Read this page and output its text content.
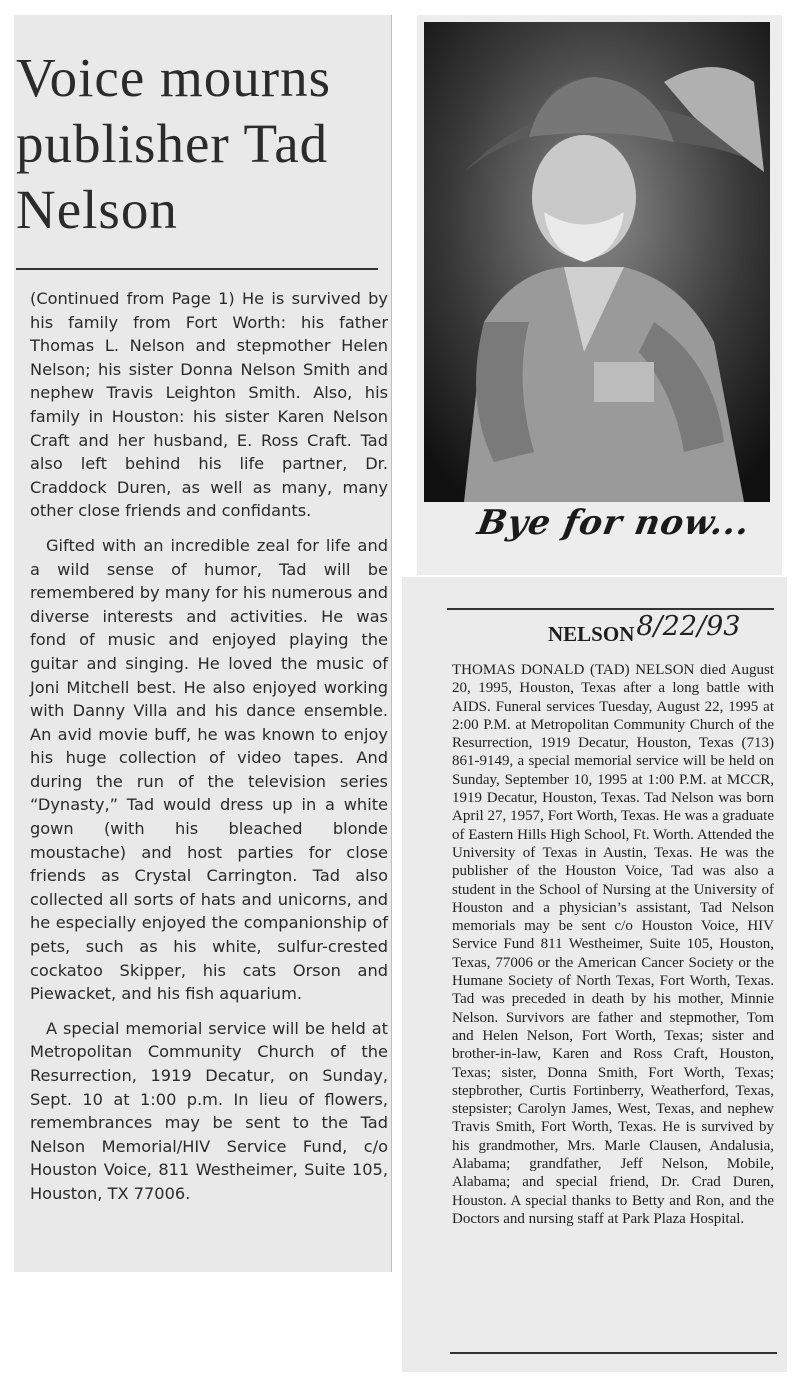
Voice mourns publisher Tad Nelson

(Continued from Page 1) He is survived by his family from Fort Worth: his father Thomas L. Nelson and stepmother Helen Nelson; his sister Donna Nelson Smith and nephew Travis Leighton Smith. Also, his family in Houston: his sister Karen Nelson Craft and her husband, E. Ross Craft. Tad also left behind his life partner, Dr. Craddock Duren, as well as many, many other close friends and confidants.

Gifted with an incredible zeal for life and a wild sense of humor, Tad will be remembered by many for his numerous and diverse interests and activities. He was fond of music and enjoyed playing the guitar and singing. He loved the music of Joni Mitchell best. He also enjoyed working with Danny Villa and his dance ensemble. An avid movie buff, he was known to enjoy his huge collection of video tapes. And during the run of the television series “Dynasty,” Tad would dress up in a white gown (with his bleached blonde moustache) and host parties for close friends as Crystal Carrington. Tad also collected all sorts of hats and unicorns, and he especially enjoyed the companionship of pets, such as his white, sulfur-crested cockatoo Skipper, his cats Orson and Piewacket, and his fish aquarium.

A special memorial service will be held at Metropolitan Community Church of the Resurrection, 1919 Decatur, on Sunday, Sept. 10 at 1:00 p.m. In lieu of flowers, remembrances may be sent to the Tad Nelson Memorial/HIV Service Fund, c/o Houston Voice, 811 Westheimer, Suite 105, Houston, TX 77006.

Bye for now...
NELSON8/22/93

THOMAS DONALD (TAD) NELSON died August 20, 1995, Houston, Texas after a long battle with AIDS. Funeral services Tuesday, August 22, 1995 at 2:00 P.M. at Metropolitan Community Church of the Resurrection, 1919 Decatur, Houston, Texas (713) 861-9149, a special memorial service will be held on Sunday, September 10, 1995 at 1:00 P.M. at MCCR, 1919 Decatur, Houston, Texas. Tad Nelson was born April 27, 1957, Fort Worth, Texas. He was a graduate of Eastern Hills High School, Ft. Worth. Attended the University of Texas in Austin, Texas. He was the publisher of the Houston Voice, Tad was also a student in the School of Nursing at the University of Houston and a physician’s assistant, Tad Nelson memorials may be sent c/o Houston Voice, HIV Service Fund 811 Westheimer, Suite 105, Houston, Texas, 77006 or the American Cancer Society or the Humane Society of North Texas, Fort Worth, Texas. Tad was preceded in death by his mother, Minnie Nelson. Survivors are father and stepmother, Tom and Helen Nelson, Fort Worth, Texas; sister and brother-in-law, Karen and Ross Craft, Houston, Texas; sister, Donna Smith, Fort Worth, Texas; stepbrother, Curtis Fortinberry, Weatherford, Texas, stepsister; Carolyn James, West, Texas, and nephew Travis Smith, Fort Worth, Texas. He is survived by his grandmother, Mrs. Marle Clausen, Andalusia, Alabama; grandfather, Jeff Nelson, Mobile, Alabama; and special friend, Dr. Crad Duren, Houston. A special thanks to Betty and Ron, and the Doctors and nursing staff at Park Plaza Hospital.
